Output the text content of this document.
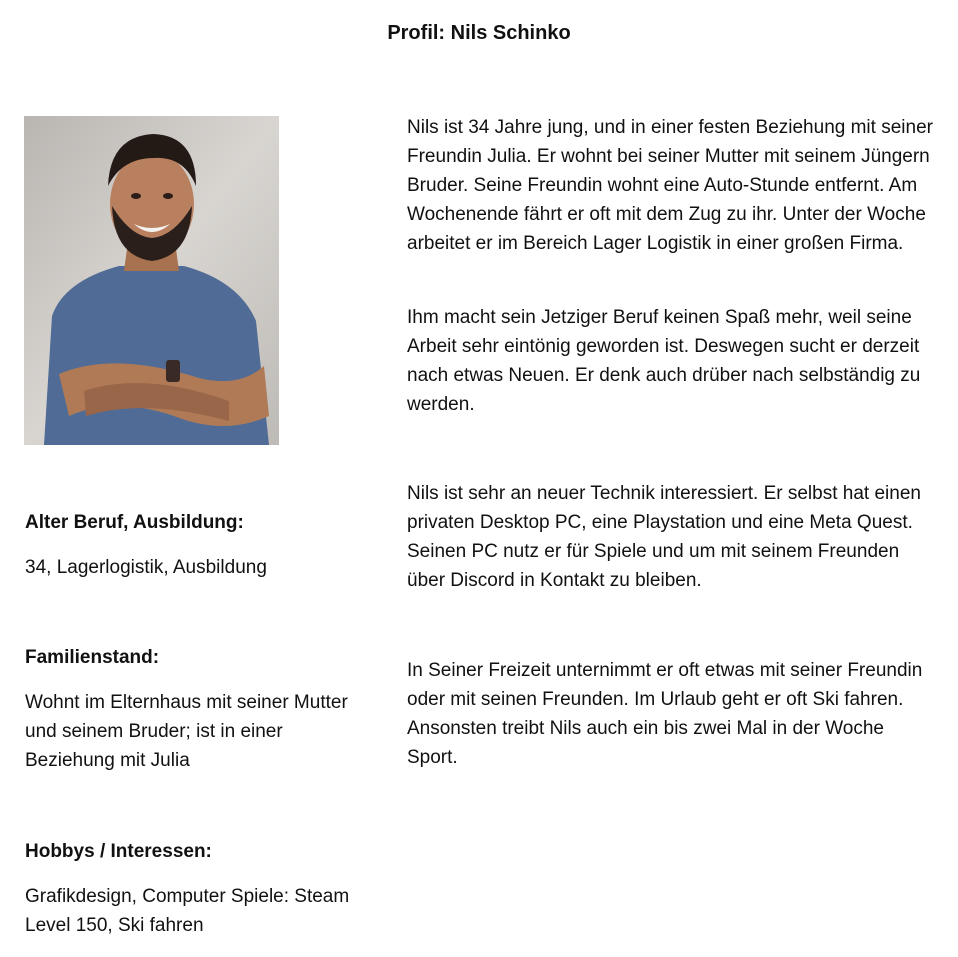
Profil: Nils Schinko

Alter Beruf, Ausbildung:

34, Lagerlogistik, Ausbildung

Familienstand:

Wohnt im Elternhaus mit seiner Mutter und seinem Bruder; ist in einer Beziehung mit Julia

Hobbys / Interessen:

Grafikdesign, Computer Spiele: Steam Level 150, Ski fahren

Nils ist 34 Jahre jung, und in einer festen Beziehung mit seiner Freundin Julia. Er wohnt bei seiner Mutter mit seinem Jüngern Bruder. Seine Freundin wohnt eine Auto-Stunde entfernt. Am Wochenende fährt er oft mit dem Zug zu ihr. Unter der Woche arbeitet er im Bereich Lager Logistik in einer großen Firma.

Ihm macht sein Jetziger Beruf keinen Spaß mehr, weil seine Arbeit sehr eintönig geworden ist. Deswegen sucht er derzeit nach etwas Neuen. Er denk auch drüber nach selbständig zu werden.

Nils ist sehr an neuer Technik interessiert. Er selbst hat einen privaten Desktop PC, eine Playstation und eine Meta Quest. Seinen PC nutz er für Spiele und um mit seinem Freunden über Discord in Kontakt zu bleiben.

In Seiner Freizeit unternimmt er oft etwas mit seiner Freundin oder mit seinen Freunden. Im Urlaub geht er oft Ski fahren. Ansonsten treibt Nils auch ein bis zwei Mal in der Woche Sport.
